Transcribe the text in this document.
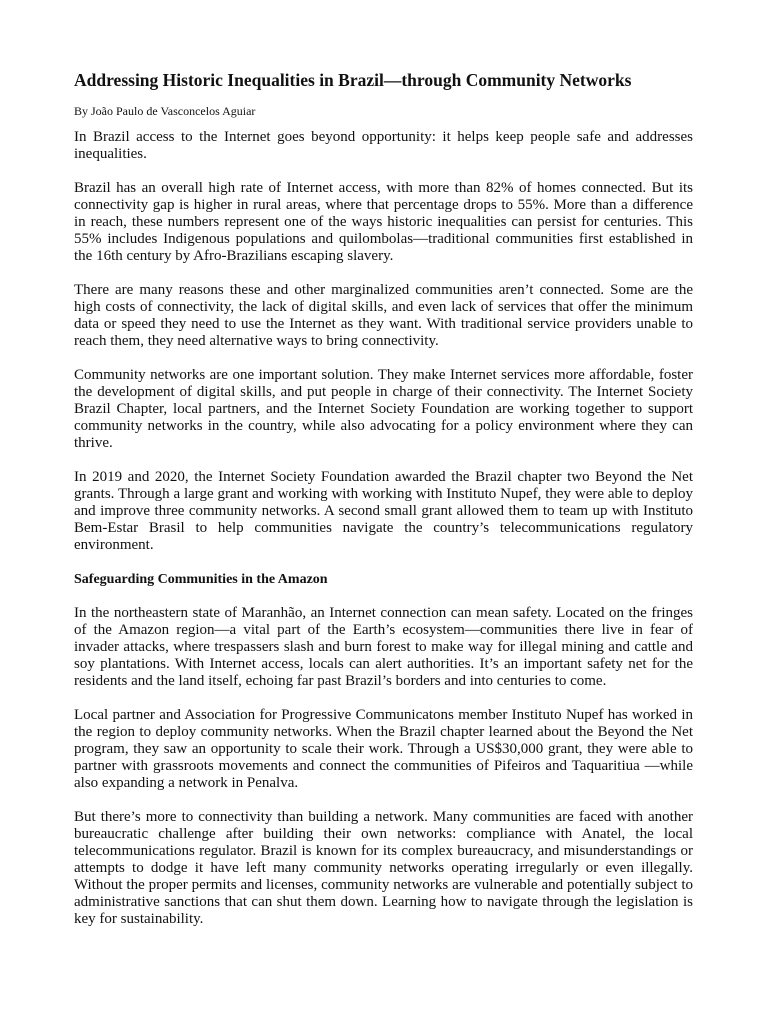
Addressing Historic Inequalities in Brazil—through Community Networks
By João Paulo de Vasconcelos Aguiar

In Brazil access to the Internet goes beyond opportunity: it helps keep people safe and addresses inequalities.

Brazil has an overall high rate of Internet access, with more than 82% of homes connected. But its connectivity gap is higher in rural areas, where that percentage drops to 55%. More than a difference in reach, these numbers represent one of the ways historic inequalities can persist for centuries. This 55% includes Indigenous populations and quilombolas—traditional communities first established in the 16th century by Afro-Brazilians escaping slavery.

There are many reasons these and other marginalized communities aren’t connected. Some are the high costs of connectivity, the lack of digital skills, and even lack of services that offer the minimum data or speed they need to use the Internet as they want. With traditional service providers unable to reach them, they need alternative ways to bring connectivity.

Community networks are one important solution. They make Internet services more affordable, foster the development of digital skills, and put people in charge of their connectivity. The Internet Society Brazil Chapter, local partners, and the Internet Society Foundation are working together to support community networks in the country, while also advocating for a policy environment where they can thrive.

In 2019 and 2020, the Internet Society Foundation awarded the Brazil chapter two Beyond the Net grants. Through a large grant and working with working with Instituto Nupef, they were able to deploy and improve three community networks. A second small grant allowed them to team up with Instituto Bem-Estar Brasil to help communities navigate the country’s telecommunications regulatory environment.

Safeguarding Communities in the Amazon

In the northeastern state of Maranhão, an Internet connection can mean safety. Located on the fringes of the Amazon region—a vital part of the Earth’s ecosystem—communities there live in fear of invader attacks, where trespassers slash and burn forest to make way for illegal mining and cattle and soy plantations. With Internet access, locals can alert authorities. It’s an important safety net for the residents and the land itself, echoing far past Brazil’s borders and into centuries to come.

Local partner and Association for Progressive Communicatons member Instituto Nupef has worked in the region to deploy community networks. When the Brazil chapter learned about the Beyond the Net program, they saw an opportunity to scale their work. Through a US$30,000 grant, they were able to partner with grassroots movements and connect the communities of Pifeiros and Taquaritiua —while also expanding a network in Penalva.

But there’s more to connectivity than building a network. Many communities are faced with another bureaucratic challenge after building their own networks: compliance with Anatel, the local telecommunications regulator. Brazil is known for its complex bureaucracy, and misunderstandings or attempts to dodge it have left many community networks operating irregularly or even illegally. Without the proper permits and licenses, community networks are vulnerable and potentially subject to administrative sanctions that can shut them down. Learning how to navigate through the legislation is key for sustainability.
